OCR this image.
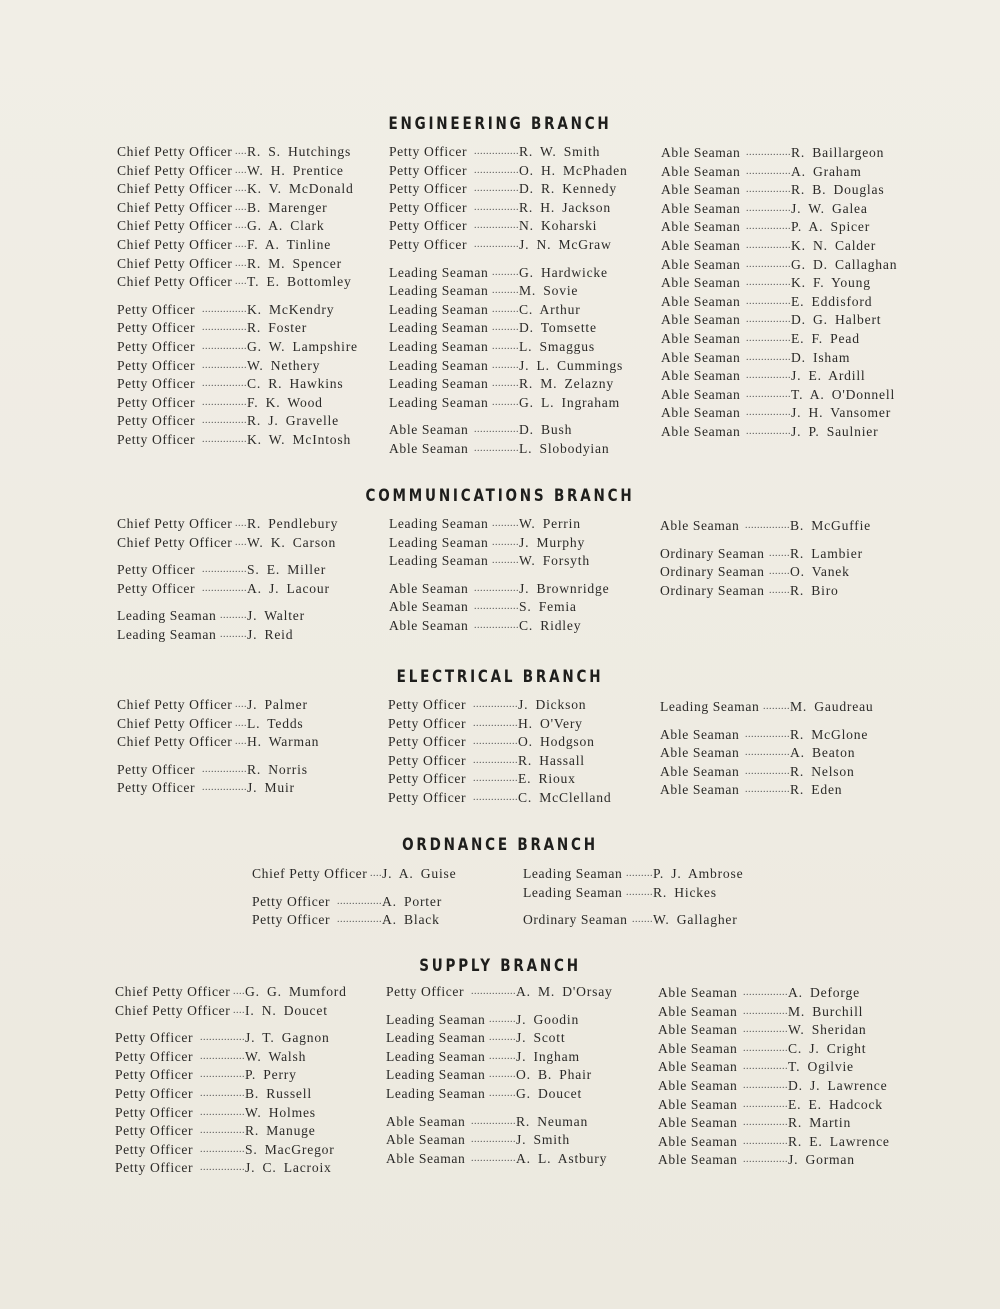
ENGINEERING BRANCH
Chief Petty Officer .... R. S. Hutchings
Chief Petty Officer .... W. H. Prentice
Chief Petty Officer .... K. V. McDonald
Chief Petty Officer .... B. Marenger
Chief Petty Officer .... G. A. Clark
Chief Petty Officer .... F. A. Tinline
Chief Petty Officer .... R. M. Spencer
Chief Petty Officer .... T. E. Bottomley
Petty Officer ............... K. McKendry
Petty Officer ............... R. Foster
Petty Officer ............... G. W. Lampshire
Petty Officer ............... W. Nethery
Petty Officer ............... C. R. Hawkins
Petty Officer ............... F. K. Wood
Petty Officer ............... R. J. Gravelle
Petty Officer ............... K. W. McIntosh
Petty Officer ............... R. W. Smith
Petty Officer ............... O. H. McPhaden
Petty Officer ............... D. R. Kennedy
Petty Officer ............... R. H. Jackson
Petty Officer ............... N. Koharski
Petty Officer ............... J. N. McGraw
Leading Seaman ......... G. Hardwicke
Leading Seaman ......... M. Sovie
Leading Seaman ......... C. Arthur
Leading Seaman ......... D. Tomsette
Leading Seaman ......... L. Smaggus
Leading Seaman ......... J. L. Cummings
Leading Seaman ......... R. M. Zelazny
Leading Seaman ......... G. L. Ingraham
Able Seaman ............... D. Bush
Able Seaman ............... L. Slobodyian
Able Seaman ............... R. Baillargeon
Able Seaman ............... A. Graham
Able Seaman ............... R. B. Douglas
Able Seaman ............... J. W. Galea
Able Seaman ............... P. A. Spicer
Able Seaman ............... K. N. Calder
Able Seaman ............... G. D. Callaghan
Able Seaman ............... K. F. Young
Able Seaman ............... E. Eddisford
Able Seaman ............... D. G. Halbert
Able Seaman ............... E. F. Pead
Able Seaman ............... D. Isham
Able Seaman ............... J. E. Ardill
Able Seaman ............... T. A. O'Donnell
Able Seaman ............... J. H. Vansomer
Able Seaman ............... J. P. Saulnier
COMMUNICATIONS BRANCH
Chief Petty Officer .... R. Pendlebury
Chief Petty Officer .... W. K. Carson
Petty Officer ............... S. E. Miller
Petty Officer ............... A. J. Lacour
Leading Seaman ......... J. Walter
Leading Seaman ......... J. Reid
Leading Seaman ......... W. Perrin
Leading Seaman ......... J. Murphy
Leading Seaman ......... W. Forsyth
Able Seaman ............... J. Brownridge
Able Seaman ............... S. Femia
Able Seaman ............... C. Ridley
Able Seaman ............... B. McGuffie
Ordinary Seaman ....... R. Lambier
Ordinary Seaman ....... O. Vanek
Ordinary Seaman ....... R. Biro
ELECTRICAL BRANCH
Chief Petty Officer .... J. Palmer
Chief Petty Officer .... L. Tedds
Chief Petty Officer .... H. Warman
Petty Officer ............... R. Norris
Petty Officer ............... J. Muir
Petty Officer ............... J. Dickson
Petty Officer ............... H. O'Very
Petty Officer ............... O. Hodgson
Petty Officer ............... R. Hassall
Petty Officer ............... E. Rioux
Petty Officer ............... C. McClelland
Leading Seaman ......... M. Gaudreau
Able Seaman ............... R. McGlone
Able Seaman ............... A. Beaton
Able Seaman ............... R. Nelson
Able Seaman ............... R. Eden
ORDNANCE BRANCH
Chief Petty Officer .... J. A. Guise
Petty Officer ............... A. Porter
Petty Officer ............... A. Black
Leading Seaman ......... P. J. Ambrose
Leading Seaman ......... R. Hickes
Ordinary Seaman ....... W. Gallagher
SUPPLY BRANCH
Chief Petty Officer .... G. G. Mumford
Chief Petty Officer .... I. N. Doucet
Petty Officer ............... J. T. Gagnon
Petty Officer ............... W. Walsh
Petty Officer ............... P. Perry
Petty Officer ............... B. Russell
Petty Officer ............... W. Holmes
Petty Officer ............... R. Manuge
Petty Officer ............... S. MacGregor
Petty Officer ............... J. C. Lacroix
Petty Officer ............... A. M. D'Orsay
Leading Seaman ......... J. Goodin
Leading Seaman ......... J. Scott
Leading Seaman ......... J. Ingham
Leading Seaman ......... O. B. Phair
Leading Seaman ......... G. Doucet
Able Seaman ............... R. Neuman
Able Seaman ............... J. Smith
Able Seaman ............... A. L. Astbury
Able Seaman ............... A. Deforge
Able Seaman ............... M. Burchill
Able Seaman ............... W. Sheridan
Able Seaman ............... C. J. Cright
Able Seaman ............... T. Ogilvie
Able Seaman ............... D. J. Lawrence
Able Seaman ............... E. E. Hadcock
Able Seaman ............... R. Martin
Able Seaman ............... R. E. Lawrence
Able Seaman ............... J. Gorman
